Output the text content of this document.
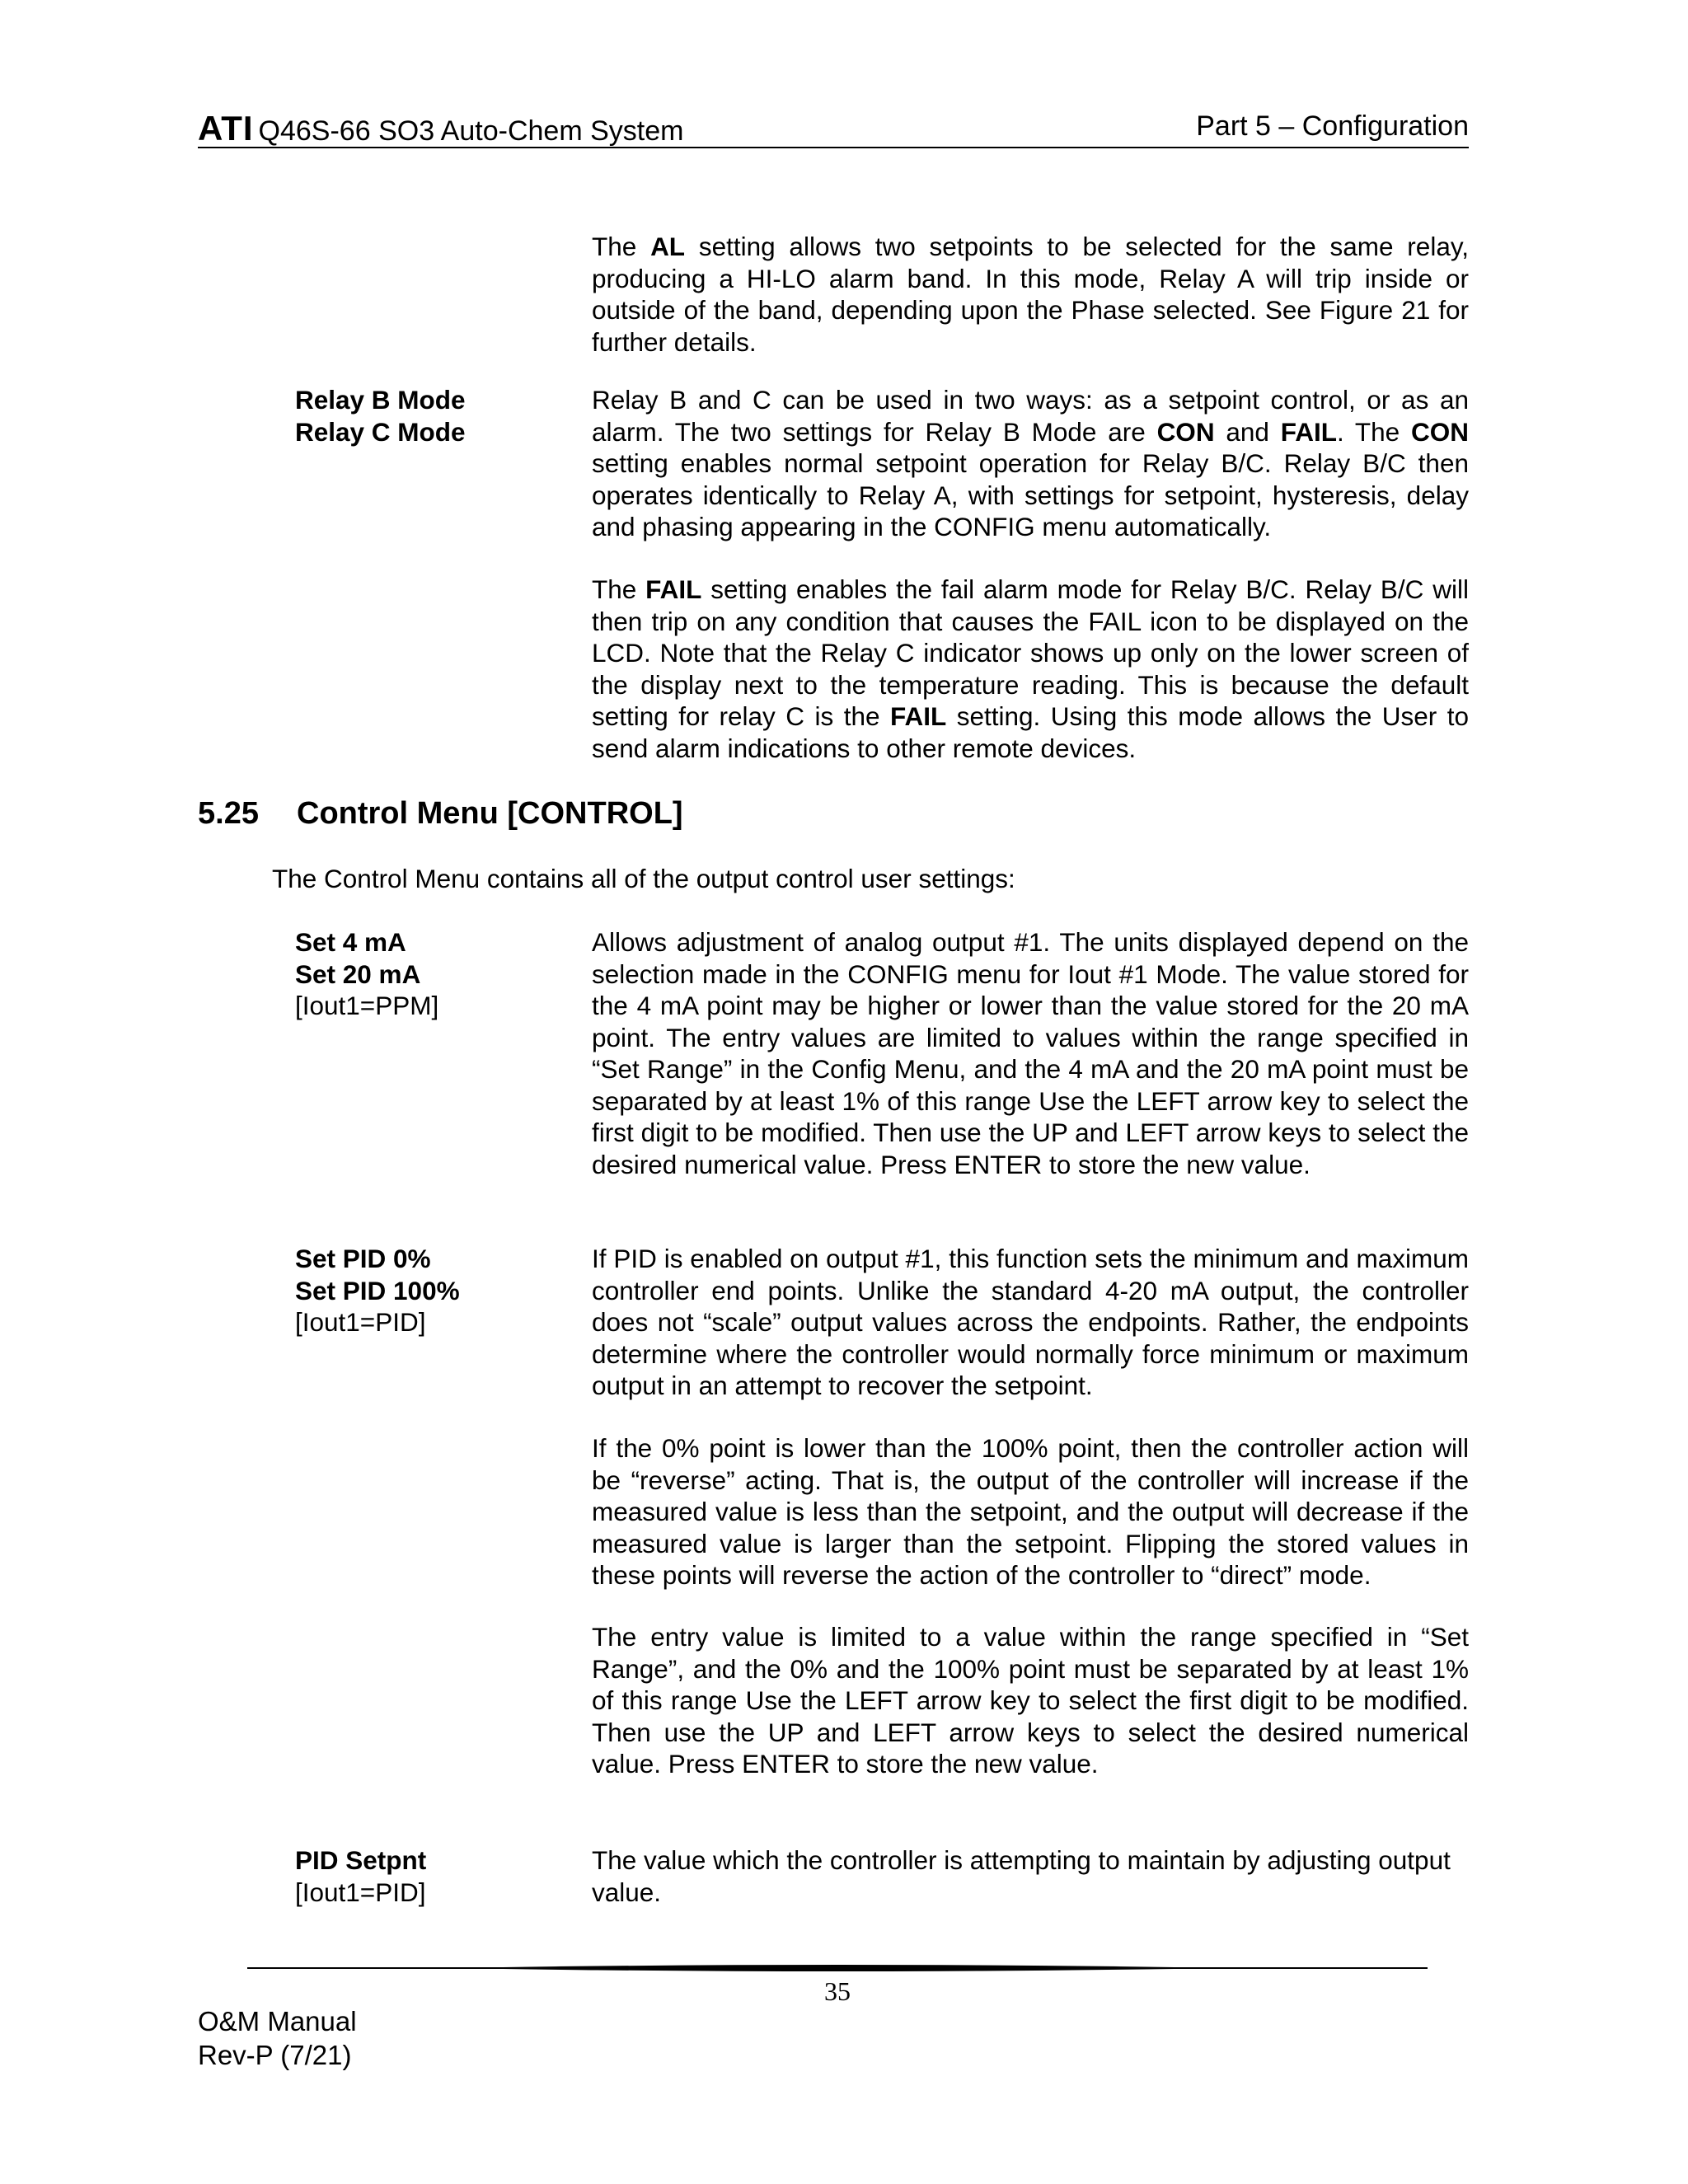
ATI Q46S-66 SO3 Auto-Chem System	Part 5 – Configuration

The AL setting allows two setpoints to be selected for the same relay, producing a HI-LO alarm band. In this mode, Relay A will trip inside or outside of the band, depending upon the Phase selected. See Figure 21 for further details.

Relay B Mode
Relay C Mode

Relay B and C can be used in two ways: as a setpoint control, or as an alarm. The two settings for Relay B Mode are CON and FAIL. The CON setting enables normal setpoint operation for Relay B/C. Relay B/C then operates identically to Relay A, with settings for setpoint, hysteresis, delay and phasing appearing in the CONFIG menu automatically.

The FAIL setting enables the fail alarm mode for Relay B/C. Relay B/C will then trip on any condition that causes the FAIL icon to be displayed on the LCD. Note that the Relay C indicator shows up only on the lower screen of the display next to the temperature reading. This is because the default setting for relay C is the FAIL setting. Using this mode allows the User to send alarm indications to other remote devices.

5.25 Control Menu [CONTROL]
The Control Menu contains all of the output control user settings:
Set 4 mA
Set 20 mA
[Iout1=PPM]

Allows adjustment of analog output #1. The units displayed depend on the selection made in the CONFIG menu for Iout #1 Mode. The value stored for the 4 mA point may be higher or lower than the value stored for the 20 mA point. The entry values are limited to values within the range specified in “Set Range” in the Config Menu, and the 4 mA and the 20 mA point must be separated by at least 1% of this range Use the LEFT arrow key to select the first digit to be modified. Then use the UP and LEFT arrow keys to select the desired numerical value. Press ENTER to store the new value.

Set PID 0%
Set PID 100%
[Iout1=PID]

If PID is enabled on output #1, this function sets the minimum and maximum controller end points. Unlike the standard 4-20 mA output, the controller does not “scale” output values across the endpoints. Rather, the endpoints determine where the controller would normally force minimum or maximum output in an attempt to recover the setpoint.

If the 0% point is lower than the 100% point, then the controller action will be “reverse” acting. That is, the output of the controller will increase if the measured value is less than the setpoint, and the output will decrease if the measured value is larger than the setpoint. Flipping the stored values in these points will reverse the action of the controller to “direct” mode.

The entry value is limited to a value within the range specified in “Set Range”, and the 0% and the 100% point must be separated by at least 1% of this range Use the LEFT arrow key to select the first digit to be modified. Then use the UP and LEFT arrow keys to select the desired numerical value. Press ENTER to store the new value.

PID Setpnt
[Iout1=PID]

The value which the controller is attempting to maintain by adjusting output value.

35
O&M Manual
Rev-P (7/21)
